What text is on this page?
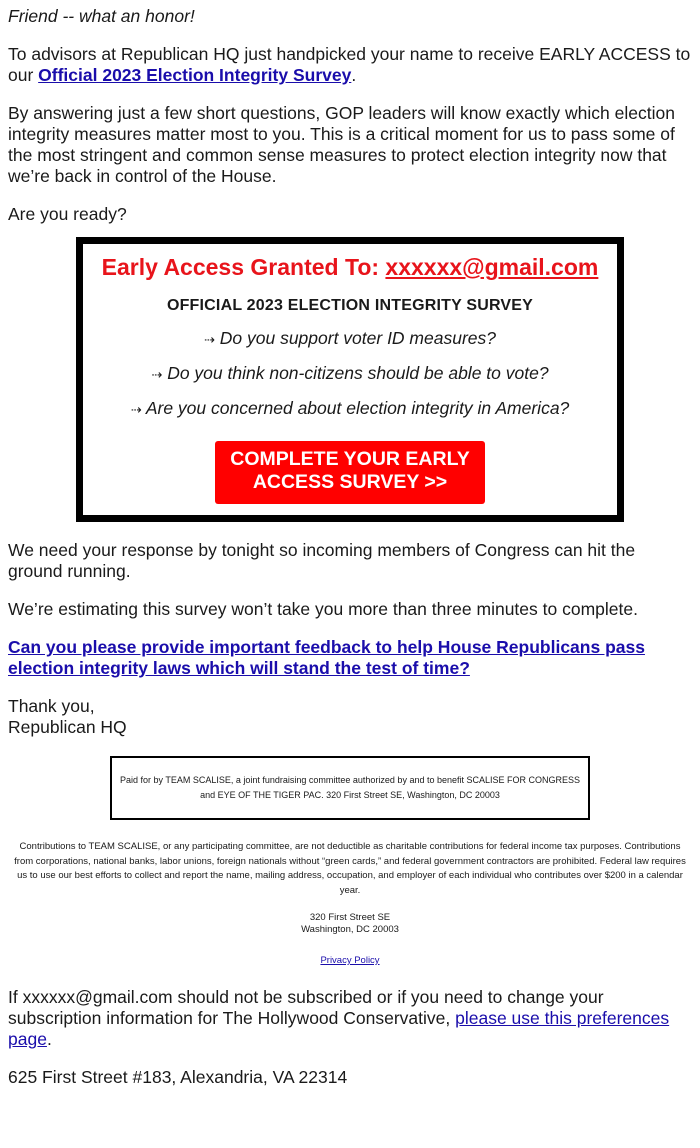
Friend -- what an honor!

To advisors at Republican HQ just handpicked your name to receive EARLY ACCESS to our Official 2023 Election Integrity Survey.

By answering just a few short questions, GOP leaders will know exactly which election integrity measures matter most to you. This is a critical moment for us to pass some of the most stringent and common sense measures to protect election integrity now that we’re back in control of the House.

Are you ready?

Early Access Granted To: xxxxxx@gmail.com
OFFICIAL 2023 ELECTION INTEGRITY SURVEY
⇢ Do you support voter ID measures?
⇢ Do you think non-citizens should be able to vote?
⇢ Are you concerned about election integrity in America?
COMPLETE YOUR EARLY
ACCESS SURVEY >>

We need your response by tonight so incoming members of Congress can hit the ground running.

We’re estimating this survey won’t take you more than three minutes to complete.

Can you please provide important feedback to help House Republicans pass election integrity laws which will stand the test of time?

Thank you,
Republican HQ

Paid for by TEAM SCALISE, a joint fundraising committee authorized by and to benefit SCALISE FOR CONGRESS and EYE OF THE TIGER PAC. 320 First Street SE, Washington, DC 20003
Contributions to TEAM SCALISE, or any participating committee, are not deductible as charitable contributions for federal income tax purposes. Contributions from corporations, national banks, labor unions, foreign nationals without “green cards,” and federal government contractors are prohibited. Federal law requires us to use our best efforts to collect and report the name, mailing address, occupation, and employer of each individual who contributes over $200 in a calendar year.
320 First Street SE
Washington, DC 20003
Privacy Policy

If xxxxxx@gmail.com should not be subscribed or if you need to change your subscription information for The Hollywood Conservative, please use this preferences page.

625 First Street #183, Alexandria, VA 22314
